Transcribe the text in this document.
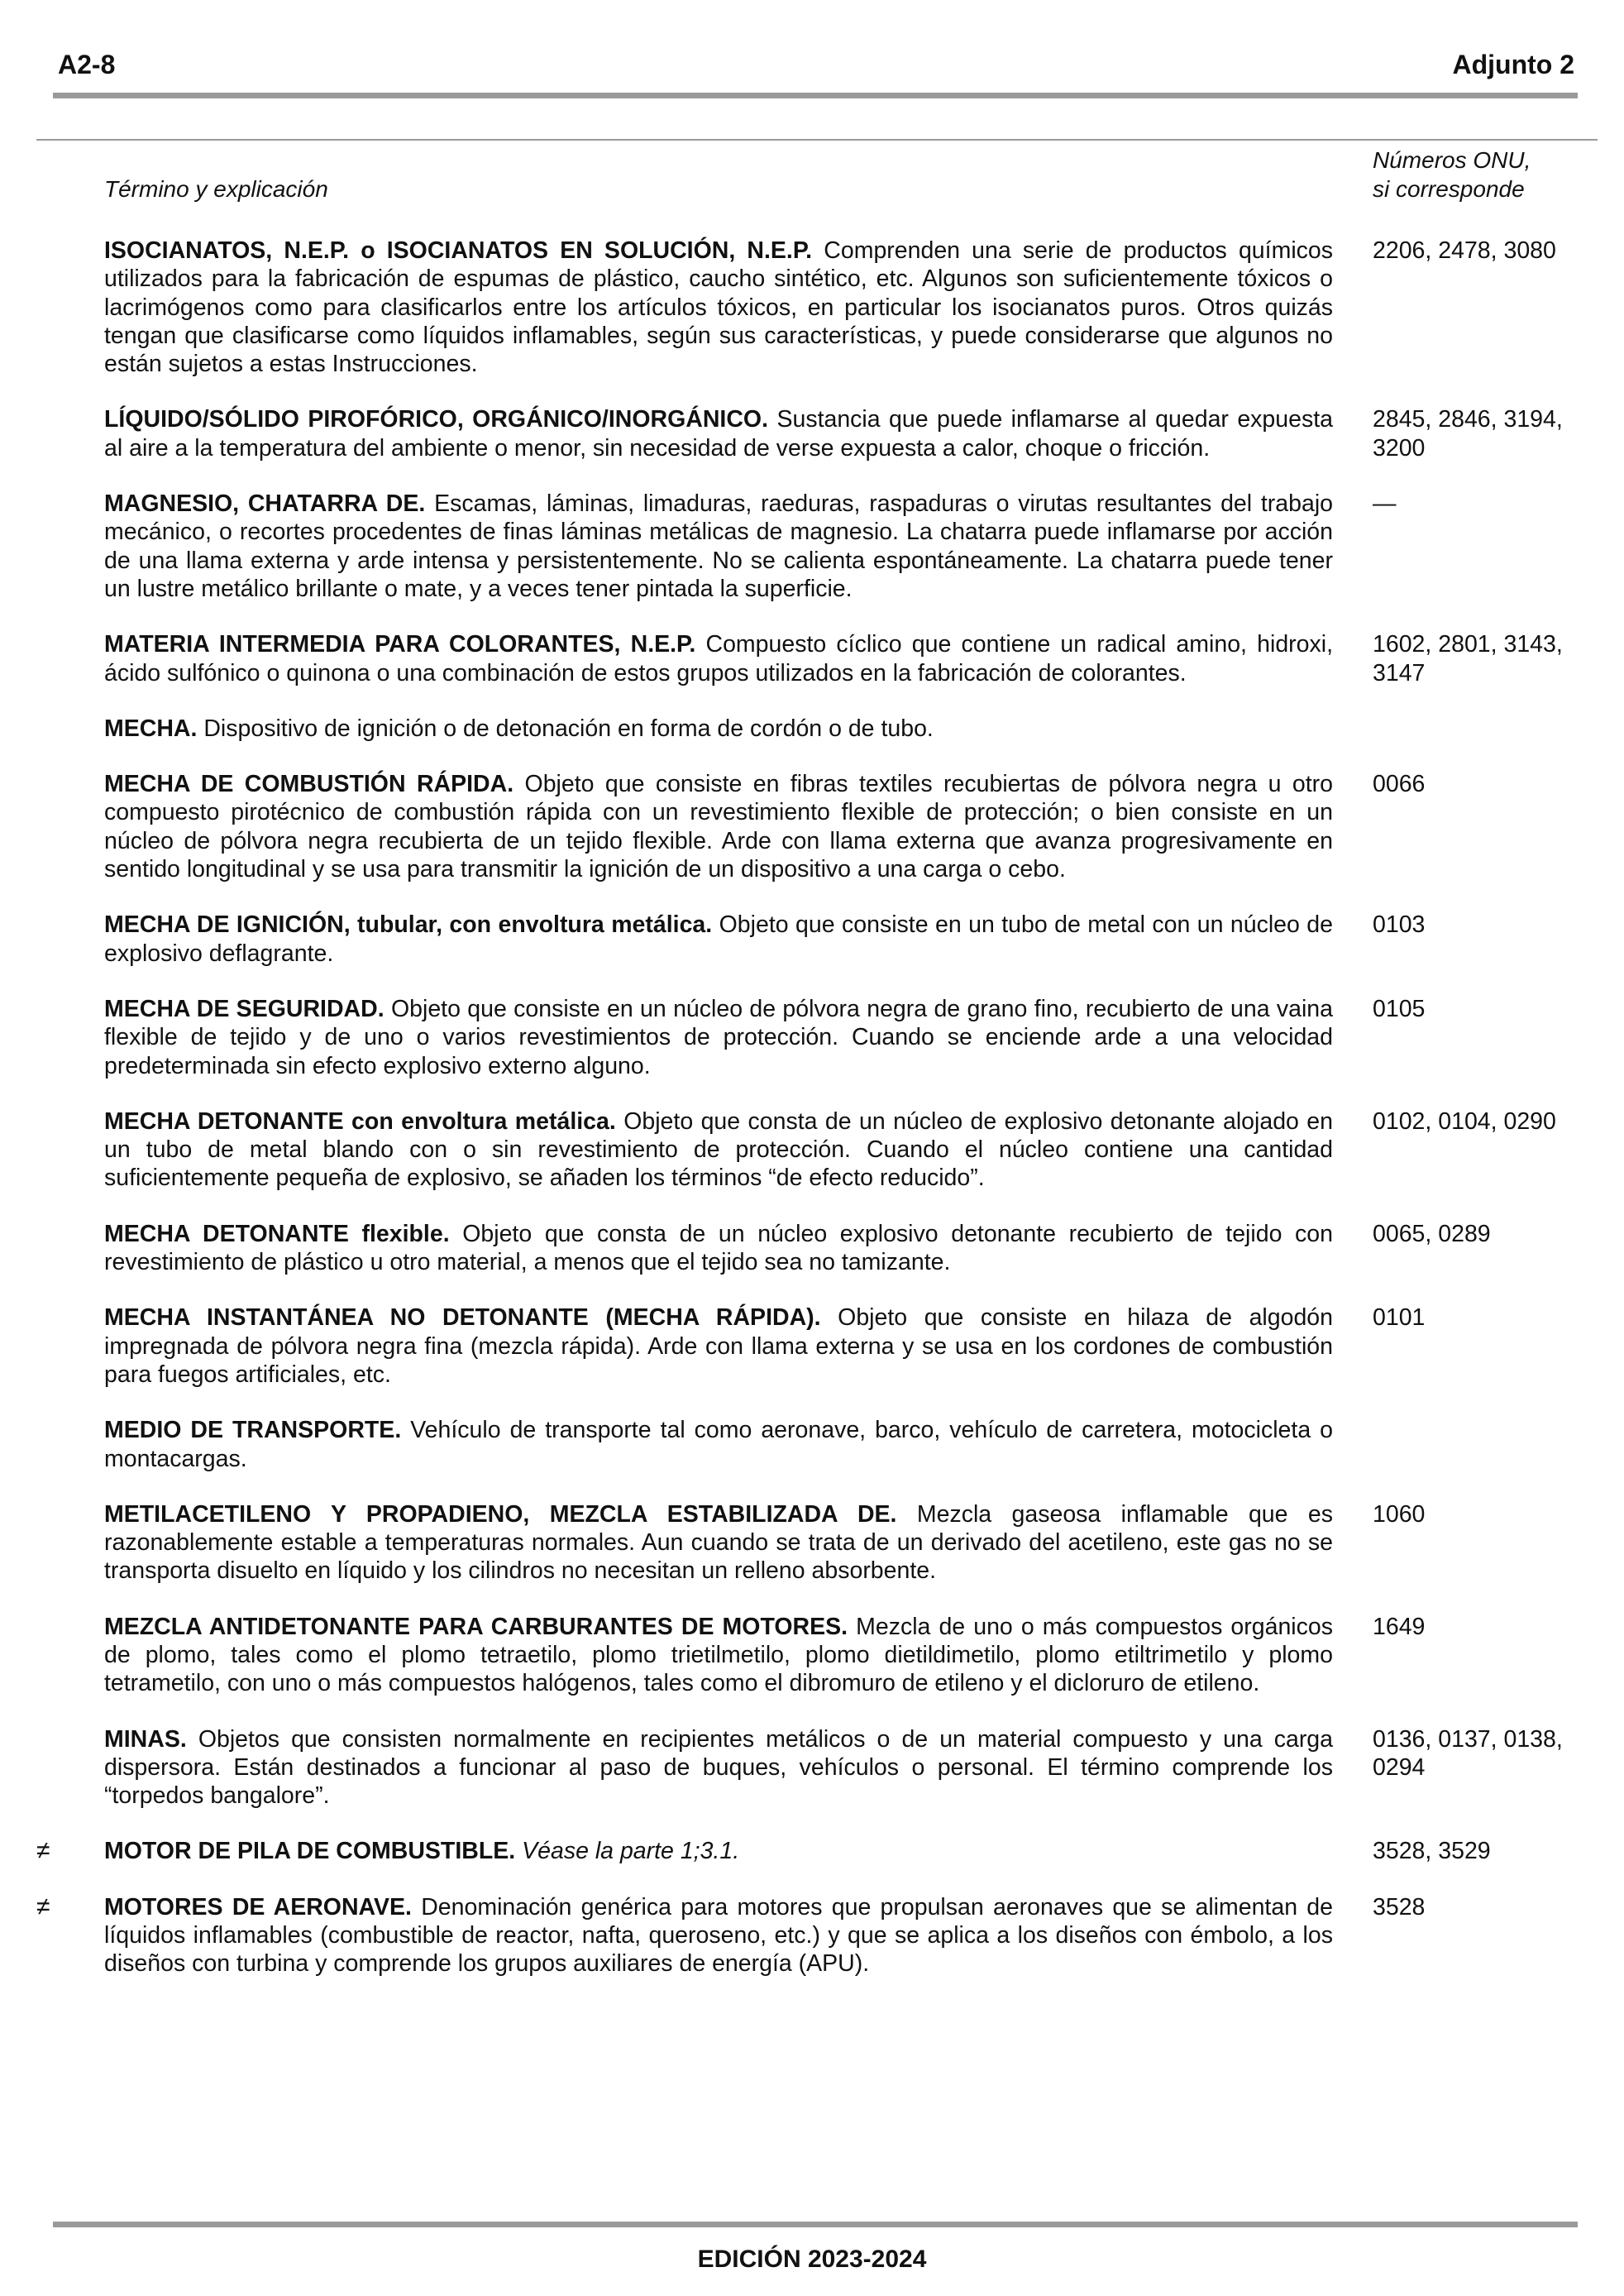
A2-8	Adjunto 2
Término y explicación
Números ONU,
si corresponde
ISOCIANATOS, N.E.P. o ISOCIANATOS EN SOLUCIÓN, N.E.P. Comprenden una serie de productos químicos utilizados para la fabricación de espumas de plástico, caucho sintético, etc. Algunos son suficientemente tóxicos o lacrimógenos como para clasificarlos entre los artículos tóxicos, en particular los isocianatos puros. Otros quizás tengan que clasificarse como líquidos inflamables, según sus características, y puede considerarse que algunos no están sujetos a estas Instrucciones.
2206, 2478, 3080
LÍQUIDO/SÓLIDO PIROFÓRICO, ORGÁNICO/INORGÁNICO. Sustancia que puede inflamarse al quedar expuesta al aire a la temperatura del ambiente o menor, sin necesidad de verse expuesta a calor, choque o fricción.
2845, 2846, 3194, 3200
MAGNESIO, CHATARRA DE. Escamas, láminas, limaduras, raeduras, raspaduras o virutas resultantes del trabajo mecánico, o recortes procedentes de finas láminas metálicas de magnesio. La chatarra puede inflamarse por acción de una llama externa y arde intensa y persistentemente. No se calienta espontáneamente. La chatarra puede tener un lustre metálico brillante o mate, y a veces tener pintada la superficie.
—
MATERIA INTERMEDIA PARA COLORANTES, N.E.P. Compuesto cíclico que contiene un radical amino, hidroxi, ácido sulfónico o quinona o una combinación de estos grupos utilizados en la fabricación de colorantes.
1602, 2801, 3143, 3147
MECHA. Dispositivo de ignición o de detonación en forma de cordón o de tubo.
MECHA DE COMBUSTIÓN RÁPIDA. Objeto que consiste en fibras textiles recubiertas de pólvora negra u otro compuesto pirotécnico de combustión rápida con un revestimiento flexible de protección; o bien consiste en un núcleo de pólvora negra recubierta de un tejido flexible. Arde con llama externa que avanza progresivamente en sentido longitudinal y se usa para transmitir la ignición de un dispositivo a una carga o cebo.
0066
MECHA DE IGNICIÓN, tubular, con envoltura metálica. Objeto que consiste en un tubo de metal con un núcleo de explosivo deflagrante.
0103
MECHA DE SEGURIDAD. Objeto que consiste en un núcleo de pólvora negra de grano fino, recubierto de una vaina flexible de tejido y de uno o varios revestimientos de protección. Cuando se enciende arde a una velocidad predeterminada sin efecto explosivo externo alguno.
0105
MECHA DETONANTE con envoltura metálica. Objeto que consta de un núcleo de explosivo detonante alojado en un tubo de metal blando con o sin revestimiento de protección. Cuando el núcleo contiene una cantidad suficientemente pequeña de explosivo, se añaden los términos “de efecto reducido”.
0102, 0104, 0290
MECHA DETONANTE flexible. Objeto que consta de un núcleo explosivo detonante recubierto de tejido con revestimiento de plástico u otro material, a menos que el tejido sea no tamizante.
0065, 0289
MECHA INSTANTÁNEA NO DETONANTE (MECHA RÁPIDA). Objeto que consiste en hilaza de algodón impregnada de pólvora negra fina (mezcla rápida). Arde con llama externa y se usa en los cordones de combustión para fuegos artificiales, etc.
0101
MEDIO DE TRANSPORTE. Vehículo de transporte tal como aeronave, barco, vehículo de carretera, motocicleta o montacargas.
METILACETILENO Y PROPADIENO, MEZCLA ESTABILIZADA DE. Mezcla gaseosa inflamable que es razonablemente estable a temperaturas normales. Aun cuando se trata de un derivado del acetileno, este gas no se transporta disuelto en líquido y los cilindros no necesitan un relleno absorbente.
1060
MEZCLA ANTIDETONANTE PARA CARBURANTES DE MOTORES. Mezcla de uno o más compuestos orgánicos de plomo, tales como el plomo tetraetilo, plomo trietilmetilo, plomo dietildimetilo, plomo etiltrimetilo y plomo tetrametilo, con uno o más compuestos halógenos, tales como el dibromuro de etileno y el dicloruro de etileno.
1649
MINAS. Objetos que consisten normalmente en recipientes metálicos o de un material compuesto y una carga dispersora. Están destinados a funcionar al paso de buques, vehículos o personal. El término comprende los “torpedos bangalore”.
0136, 0137, 0138, 0294
≠ MOTOR DE PILA DE COMBUSTIBLE. Véase la parte 1;3.1.	3528, 3529
≠ MOTORES DE AERONAVE. Denominación genérica para motores que propulsan aeronaves que se alimentan de líquidos inflamables (combustible de reactor, nafta, queroseno, etc.) y que se aplica a los diseños con émbolo, a los diseños con turbina y comprende los grupos auxiliares de energía (APU).
3528
EDICIÓN 2023-2024
